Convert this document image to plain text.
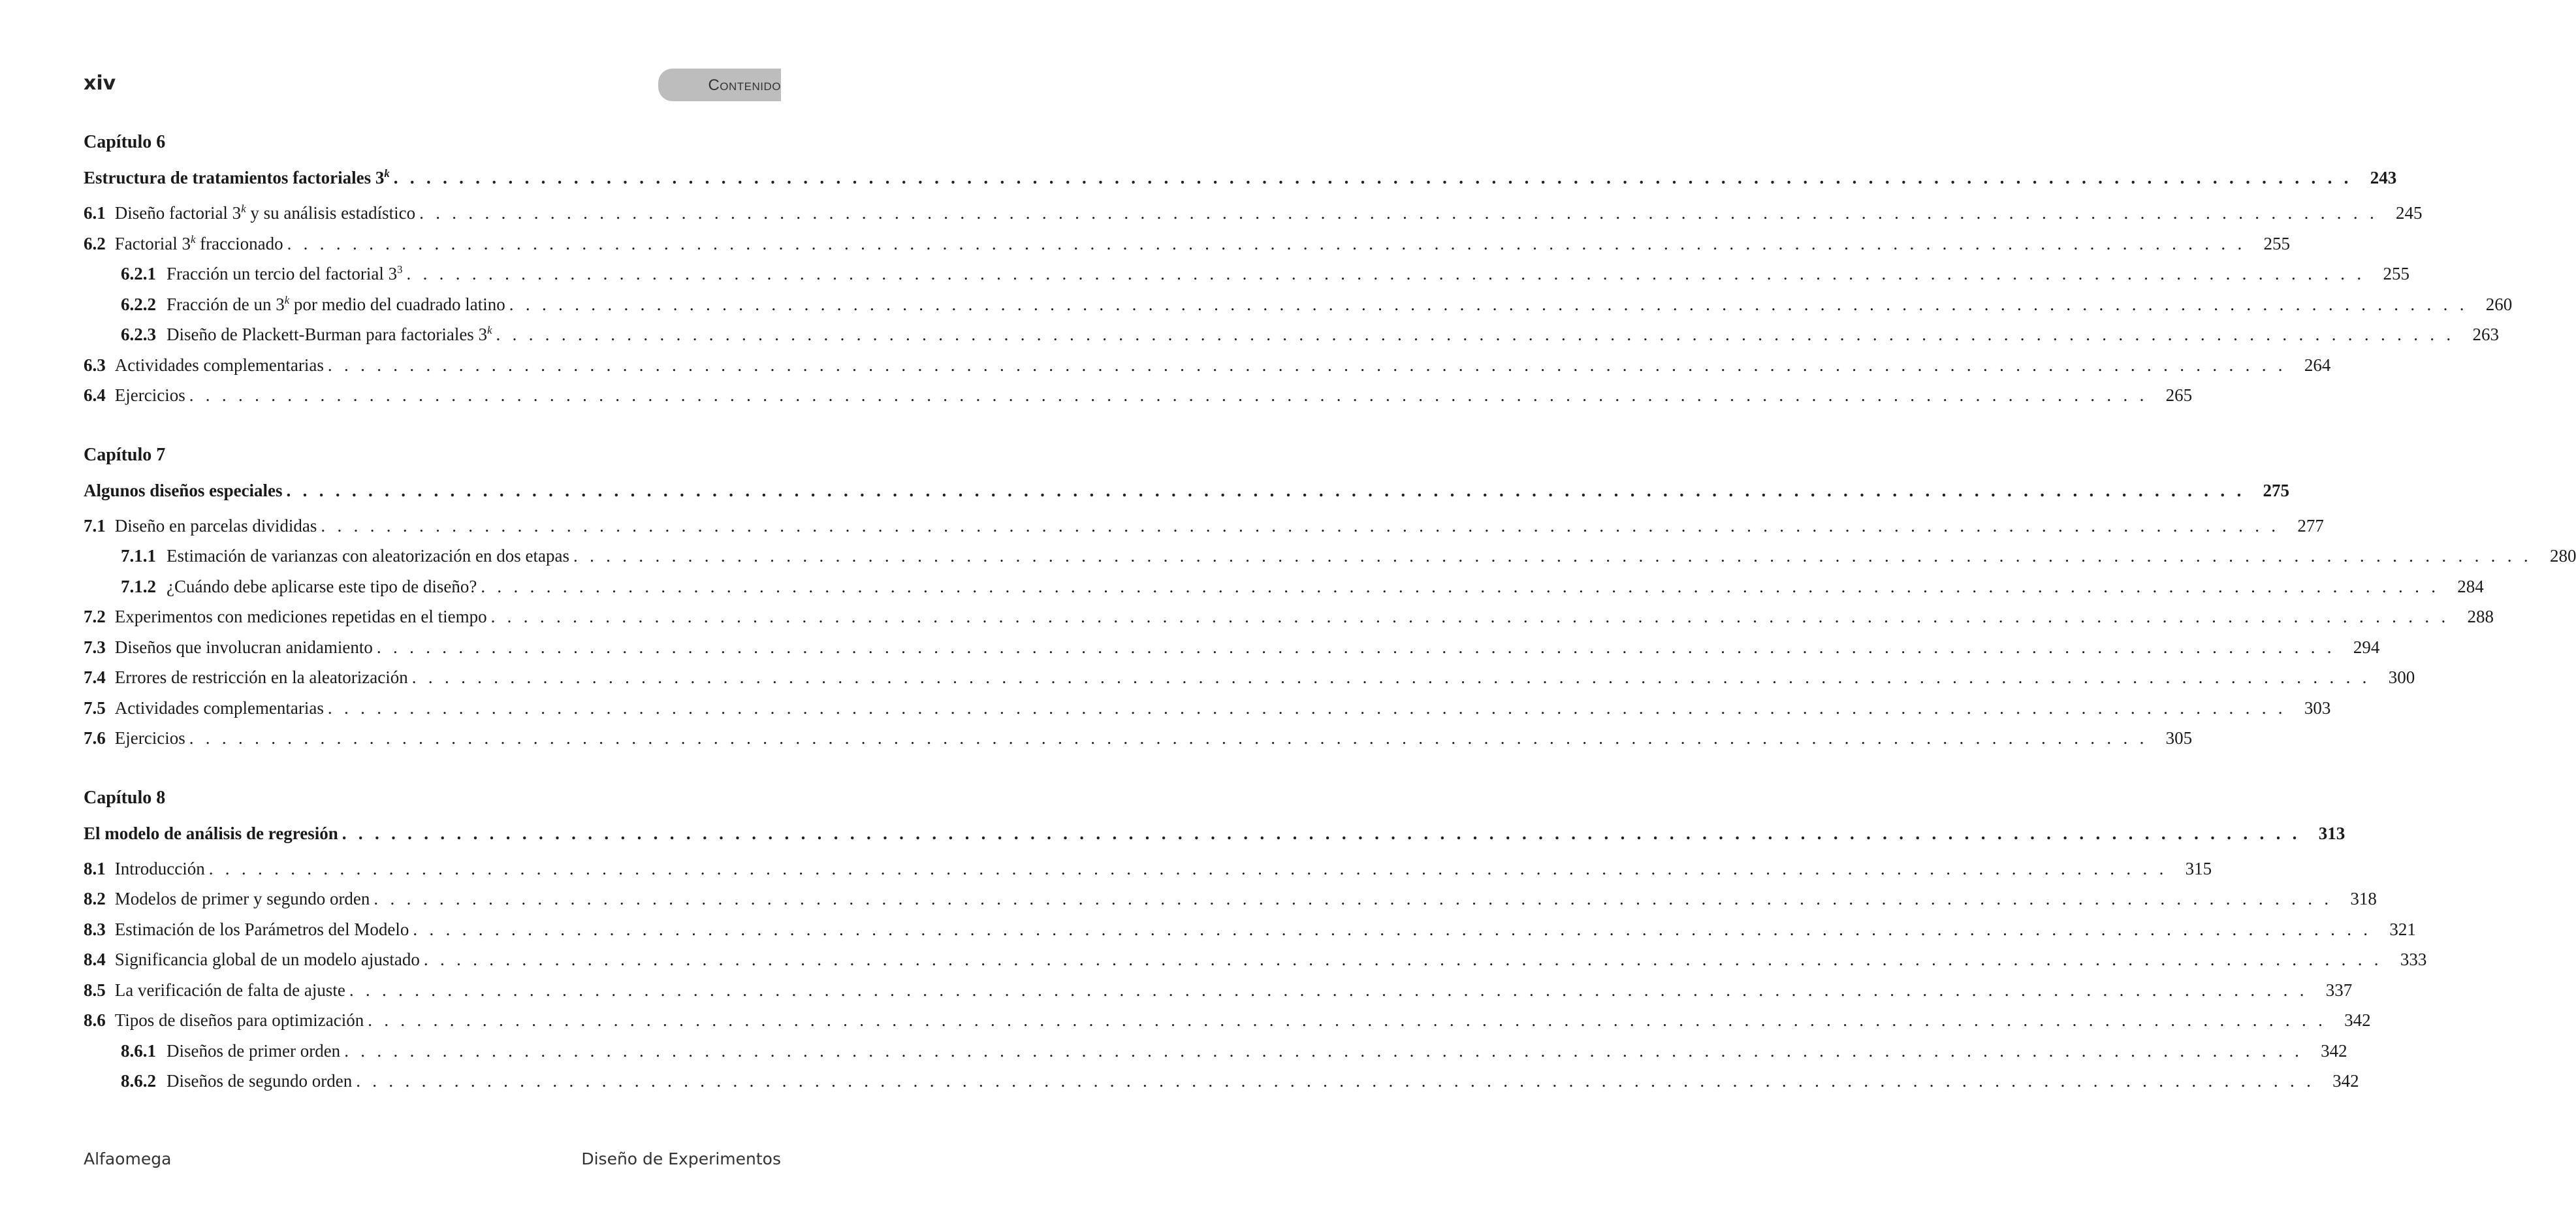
xiv	Contenido
Capítulo 6
Estructura de tratamientos factoriales 3$^k$ . . . . . . . . . . . . . . . . . . . . . . . . . . . . . . . . . . . . . . . . . . . . . . . . . . . . . . . . . . . . . . . . . . . . . . . . . . . . . . . . . . . . . . . . . . . . . . . . . . . . . . . . . . . . . . . . . . . . . . . .	243
6.1 Diseño factorial 3$^k$ y su análisis estadístico . . . . . . . . . . . . . . . . . . . . . . . . . . . . . . . . . . . . . . . . . . . . . . . . . . . . . . . . . . . . . . . . . . . . . . . . . . . . . . . . . . . . . . . . . . . . . . . . . . . . . . . . . . . . . . . . . . . . . . . .	245
6.2 Factorial 3$^k$ fraccionado . . . . . . . . . . . . . . . . . . . . . . . . . . . . . . . . . . . . . . . . . . . . . . . . . . . . . . . . . . . . . . . . . . . . . . . . . . . . . . . . . . . . . . . . . . . . . . . . . . . . . . . . . . . . . . . . . . . . . . . .	255
6.2.1 Fracción un tercio del factorial $3^3$ . . . . . . . . . . . . . . . . . . . . . . . . . . . . . . . . . . . . . . . . . . . . . . . . . . . . . . . . . . . . . . . . . . . . . . . . . . . . . . . . . . . . . . . . . . . . . . . . . . . . . . . . . . . . . . . . . . . . . . . .	255
6.2.2 Fracción de un 3$^k$ por medio del cuadrado latino . . . . . . . . . . . . . . . . . . . . . . . . . . . . . . . . . . . . . . . . . . . . . . . . . . . . . . . . . . . . . . . . . . . . . . . . . . . . . . . . . . . . . . . . . . . . . . . . . . . . . . . . . . . . . . . . . . . . . . . .	260
6.2.3 Diseño de Plackett-Burman para factoriales 3$^k$ . . . . . . . . . . . . . . . . . . . . . . . . . . . . . . . . . . . . . . . . . . . . . . . . . . . . . . . . . . . . . . . . . . . . . . . . . . . . . . . . . . . . . . . . . . . . . . . . . . . . . . . . . . . . . . . . . . . . . . . .	263
6.3 Actividades complementarias . . . . . . . . . . . . . . . . . . . . . . . . . . . . . . . . . . . . . . . . . . . . . . . . . . . . . . . . . . . . . . . . . . . . . . . . . . . . . . . . . . . . . . . . . . . . . . . . . . . . . . . . . . . . . . . . . . . . . . . .	264
6.4 Ejercicios . . . . . . . . . . . . . . . . . . . . . . . . . . . . . . . . . . . . . . . . . . . . . . . . . . . . . . . . . . . . . . . . . . . . . . . . . . . . . . . . . . . . . . . . . . . . . . . . . . . . . . . . . . . . . . . . . . . . . . . .	265
Capítulo 7
Algunos diseños especiales . . . . . . . . . . . . . . . . . . . . . . . . . . . . . . . . . . . . . . . . . . . . . . . . . . . . . . . . . . . . . . . . . . . . . . . . . . . . . . . . . . . . . . . . . . . . . . . . . . . . . . . . . . . . . . . . . . . . . . . .	275
7.1 Diseño en parcelas divididas . . . . . . . . . . . . . . . . . . . . . . . . . . . . . . . . . . . . . . . . . . . . . . . . . . . . . . . . . . . . . . . . . . . . . . . . . . . . . . . . . . . . . . . . . . . . . . . . . . . . . . . . . . . . . . . . . . . . . . . .	277
7.1.1 Estimación de varianzas con aleatorización en dos etapas . . . . . . . . . . . . . . . . . . . . . . . . . . . . . . . . . . . . . . . . . . . . . . . . . . . . . . . . . . . . . . . . . . . . . . . . . . . . . . . . . . . . . . . . . . . . . . . . . . . . . . . . . . . . . . . . . . . . . . . .	280
7.1.2 ¿Cuándo debe aplicarse este tipo de diseño? . . . . . . . . . . . . . . . . . . . . . . . . . . . . . . . . . . . . . . . . . . . . . . . . . . . . . . . . . . . . . . . . . . . . . . . . . . . . . . . . . . . . . . . . . . . . . . . . . . . . . . . . . . . . . . . . . . . . . . . .	284
7.2 Experimentos con mediciones repetidas en el tiempo . . . . . . . . . . . . . . . . . . . . . . . . . . . . . . . . . . . . . . . . . . . . . . . . . . . . . . . . . . . . . . . . . . . . . . . . . . . . . . . . . . . . . . . . . . . . . . . . . . . . . . . . . . . . . . . . . . . . . . . .	288
7.3 Diseños que involucran anidamiento . . . . . . . . . . . . . . . . . . . . . . . . . . . . . . . . . . . . . . . . . . . . . . . . . . . . . . . . . . . . . . . . . . . . . . . . . . . . . . . . . . . . . . . . . . . . . . . . . . . . . . . . . . . . . . . . . . . . . . . .	294
7.4 Errores de restricción en la aleatorización . . . . . . . . . . . . . . . . . . . . . . . . . . . . . . . . . . . . . . . . . . . . . . . . . . . . . . . . . . . . . . . . . . . . . . . . . . . . . . . . . . . . . . . . . . . . . . . . . . . . . . . . . . . . . . . . . . . . . . . .	300
7.5 Actividades complementarias . . . . . . . . . . . . . . . . . . . . . . . . . . . . . . . . . . . . . . . . . . . . . . . . . . . . . . . . . . . . . . . . . . . . . . . . . . . . . . . . . . . . . . . . . . . . . . . . . . . . . . . . . . . . . . . . . . . . . . . .	303
7.6 Ejercicios . . . . . . . . . . . . . . . . . . . . . . . . . . . . . . . . . . . . . . . . . . . . . . . . . . . . . . . . . . . . . . . . . . . . . . . . . . . . . . . . . . . . . . . . . . . . . . . . . . . . . . . . . . . . . . . . . . . . . . . .	305
Capítulo 8
El modelo de análisis de regresión . . . . . . . . . . . . . . . . . . . . . . . . . . . . . . . . . . . . . . . . . . . . . . . . . . . . . . . . . . . . . . . . . . . . . . . . . . . . . . . . . . . . . . . . . . . . . . . . . . . . . . . . . . . . . . . . . . . . . . . .	313
8.1 Introducción . . . . . . . . . . . . . . . . . . . . . . . . . . . . . . . . . . . . . . . . . . . . . . . . . . . . . . . . . . . . . . . . . . . . . . . . . . . . . . . . . . . . . . . . . . . . . . . . . . . . . . . . . . . . . . . . . . . . . . . .	315
8.2 Modelos de primer y segundo orden . . . . . . . . . . . . . . . . . . . . . . . . . . . . . . . . . . . . . . . . . . . . . . . . . . . . . . . . . . . . . . . . . . . . . . . . . . . . . . . . . . . . . . . . . . . . . . . . . . . . . . . . . . . . . . . . . . . . . . . .	318
8.3 Estimación de los Parámetros del Modelo . . . . . . . . . . . . . . . . . . . . . . . . . . . . . . . . . . . . . . . . . . . . . . . . . . . . . . . . . . . . . . . . . . . . . . . . . . . . . . . . . . . . . . . . . . . . . . . . . . . . . . . . . . . . . . . . . . . . . . . .	321
8.4 Significancia global de un modelo ajustado . . . . . . . . . . . . . . . . . . . . . . . . . . . . . . . . . . . . . . . . . . . . . . . . . . . . . . . . . . . . . . . . . . . . . . . . . . . . . . . . . . . . . . . . . . . . . . . . . . . . . . . . . . . . . . . . . . . . . . . .	333
8.5 La verificación de falta de ajuste . . . . . . . . . . . . . . . . . . . . . . . . . . . . . . . . . . . . . . . . . . . . . . . . . . . . . . . . . . . . . . . . . . . . . . . . . . . . . . . . . . . . . . . . . . . . . . . . . . . . . . . . . . . . . . . . . . . . . . . .	337
8.6 Tipos de diseños para optimización . . . . . . . . . . . . . . . . . . . . . . . . . . . . . . . . . . . . . . . . . . . . . . . . . . . . . . . . . . . . . . . . . . . . . . . . . . . . . . . . . . . . . . . . . . . . . . . . . . . . . . . . . . . . . . . . . . . . . . . .	342
8.6.1 Diseños de primer orden . . . . . . . . . . . . . . . . . . . . . . . . . . . . . . . . . . . . . . . . . . . . . . . . . . . . . . . . . . . . . . . . . . . . . . . . . . . . . . . . . . . . . . . . . . . . . . . . . . . . . . . . . . . . . . . . . . . . . . . .	342
8.6.2 Diseños de segundo orden . . . . . . . . . . . . . . . . . . . . . . . . . . . . . . . . . . . . . . . . . . . . . . . . . . . . . . . . . . . . . . . . . . . . . . . . . . . . . . . . . . . . . . . . . . . . . . . . . . . . . . . . . . . . . . . . . . . . . . . .	342
Alfaomega	Diseño de Experimentos
